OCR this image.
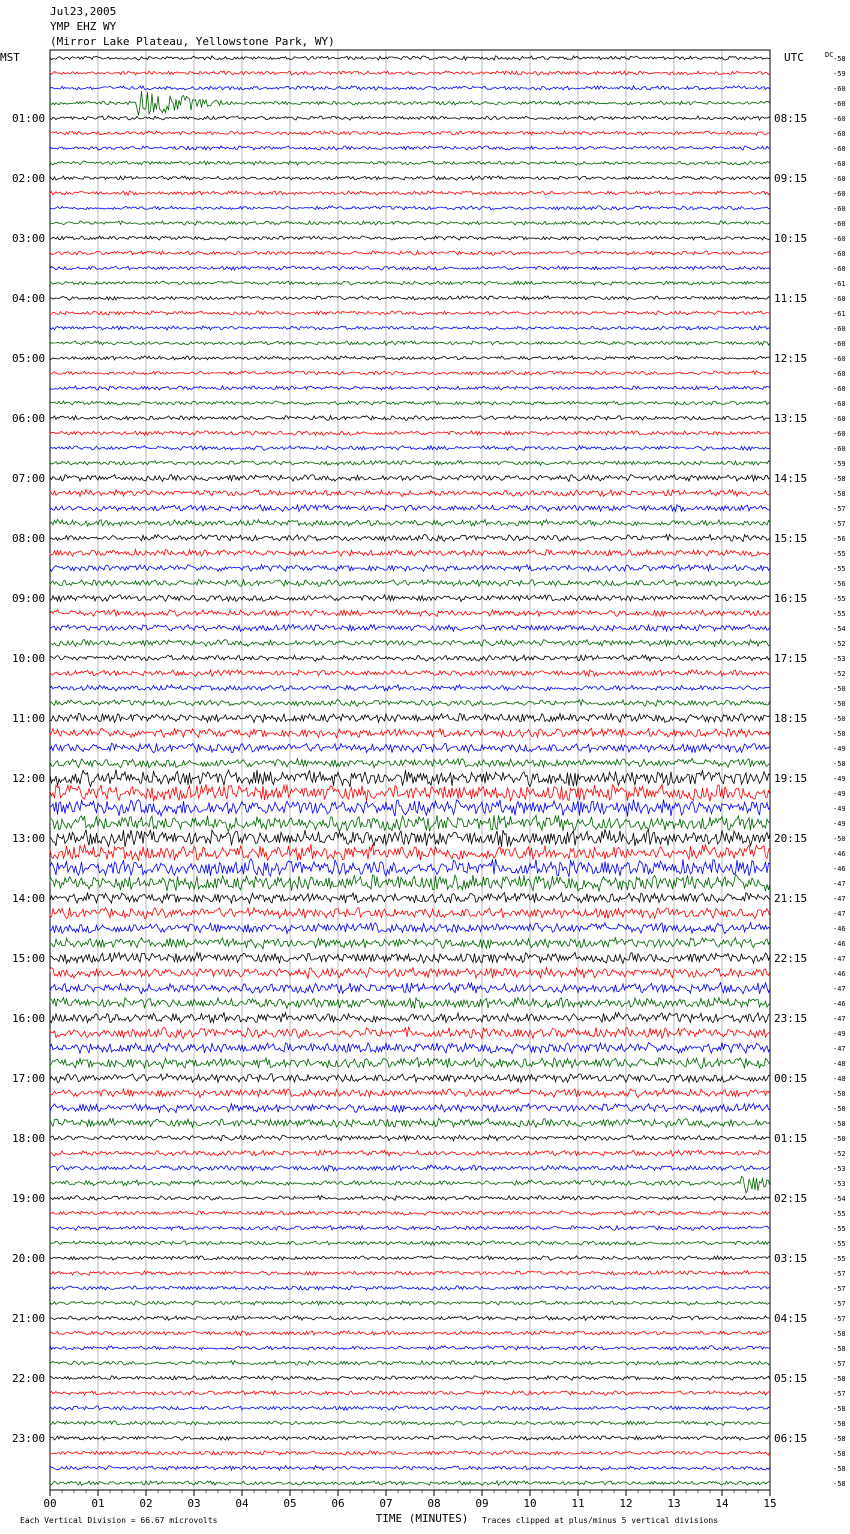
Jul23,2005
YMP EHZ WY
(Mirror Lake Plateau, Yellowstone Park, WY)
MST	UTC	DC
01:00
02:00
03:00
04:00
05:00
06:00
07:00
08:00
09:00
10:00
11:00
12:00
13:00
14:00
15:00
16:00
17:00
18:00
19:00
20:00
21:00
22:00
23:00
08:15
09:15
10:15
11:15
12:15
13:15
14:15
15:15
16:15
17:15
18:15
19:15
20:15
21:15
22:15
23:15
00:15
01:15
02:15
03:15
04:15
05:15
06:15
-58
-59
-60
-60
-60
-60
-60
-60
-60
-60
-60
-60
-60
-60
-60
-61
-60
-61
-60
-60
-60
-60
-60
-60
-60
-60
-60
-59
-58
-58
-57
-57
-56
-55
-55
-56
-55
-55
-54
-52
-53
-52
-50
-50
-50
-50
-49
-50
-49
-49
-49
-49
-50
-46
-46
-47
-47
-47
-46
-46
-47
-46
-47
-46
-47
-49
-47
-48
-48
-50
-50
-50
-50
-52
-53
-53
-54
-55
-55
-55
-55
-57
-57
-57
-57
-58
-58
-57
-58
-57
-58
-58
-58
-58
-58
-58
00	01	02	03	04	05	06	07	08	09	10	11	12	13	14	15
Each Vertical Division = 66.67 microvolts	TIME (MINUTES) Traces clipped at plus/minus 5 vertical divisions
